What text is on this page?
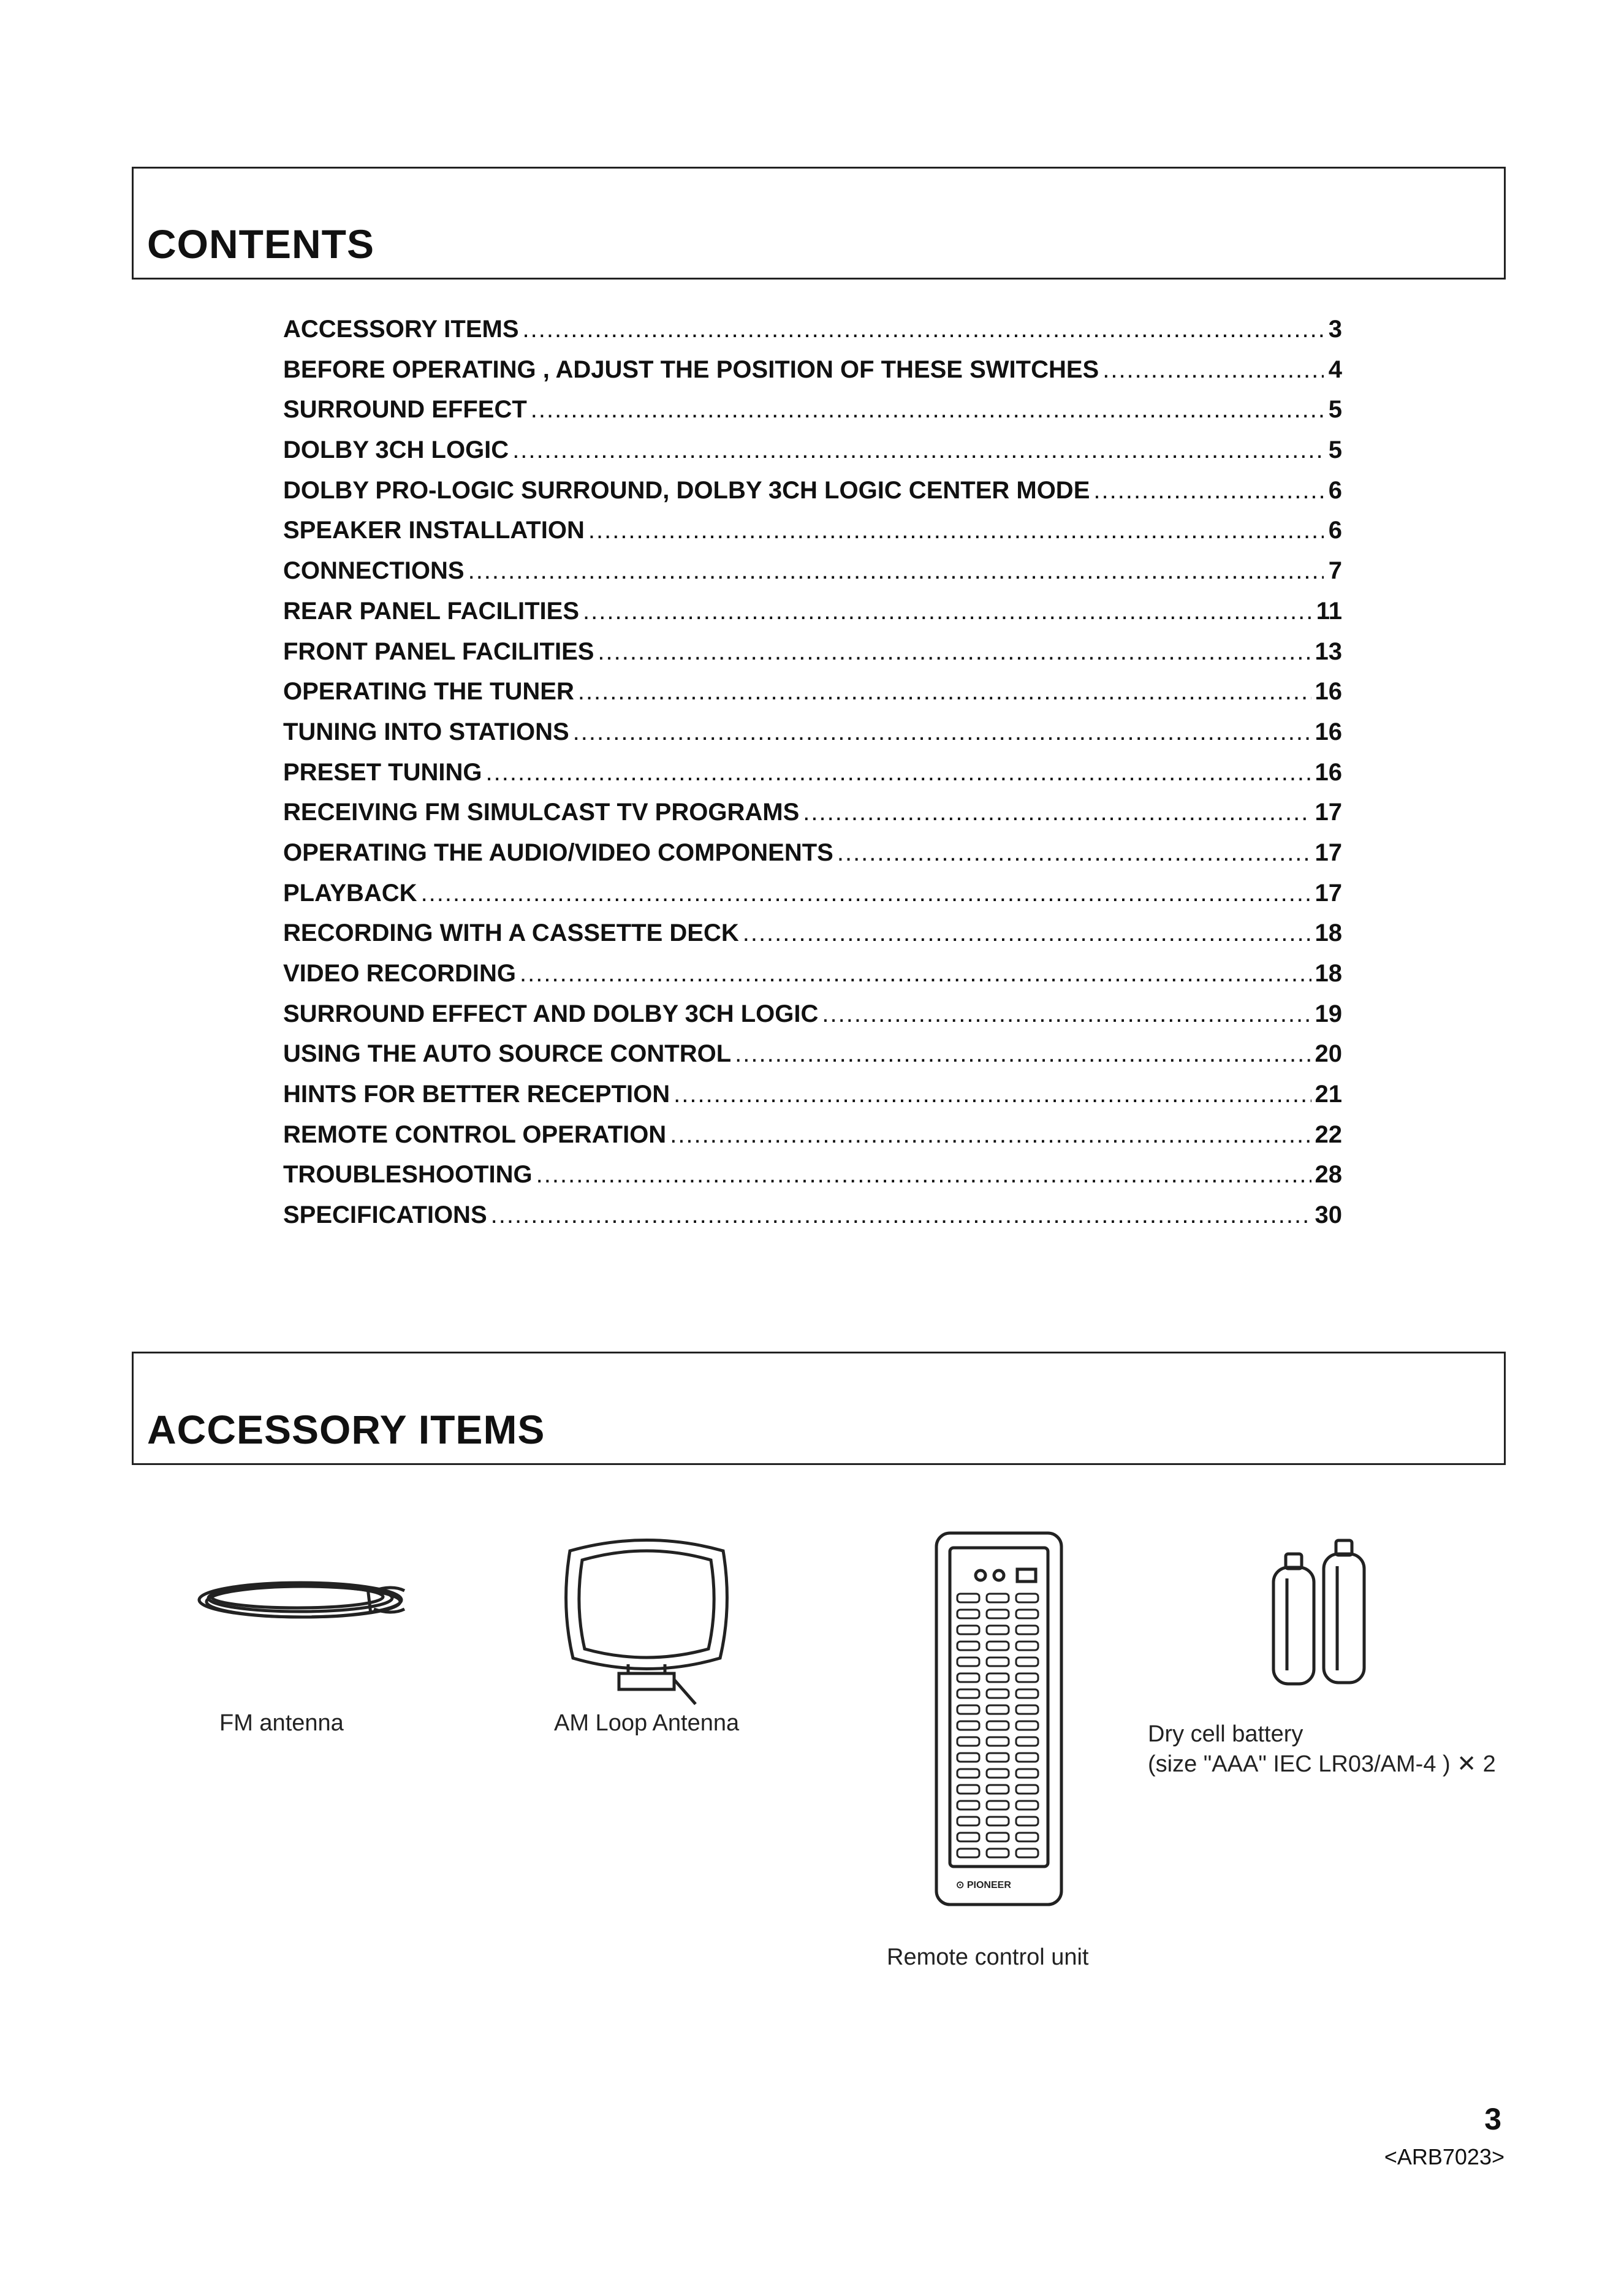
CONTENTS
ACCESSORY ITEMS .....	3
BEFORE OPERATING , ADJUST THE POSITION OF THESE SWITCHES .....	4
SURROUND EFFECT .....	5
DOLBY 3CH LOGIC .....	5
DOLBY PRO-LOGIC SURROUND, DOLBY 3CH LOGIC CENTER MODE .....	6
SPEAKER INSTALLATION .....	6
CONNECTIONS .....	7
REAR PANEL FACILITIES .....	11
FRONT PANEL FACILITIES .....	13
OPERATING THE TUNER .....	16
TUNING INTO STATIONS .....	16
PRESET TUNING .....	16
RECEIVING FM SIMULCAST TV PROGRAMS .....	17
OPERATING THE AUDIO/VIDEO COMPONENTS .....	17
PLAYBACK .....	17
RECORDING WITH A CASSETTE DECK .....	18
VIDEO RECORDING .....	18
SURROUND EFFECT AND DOLBY 3CH LOGIC .....	19
USING THE AUTO SOURCE CONTROL .....	20
HINTS FOR BETTER RECEPTION .....	21
REMOTE CONTROL OPERATION .....	22
TROUBLESHOOTING .....	28
SPECIFICATIONS .....	30
ACCESSORY ITEMS
FM antenna	AM Loop Antenna
⊙ PIONEER
Remote control unit
Dry cell battery
(size "AAA" IEC LR03/AM-4 ) ✕ 2

3

<ARB7023>
